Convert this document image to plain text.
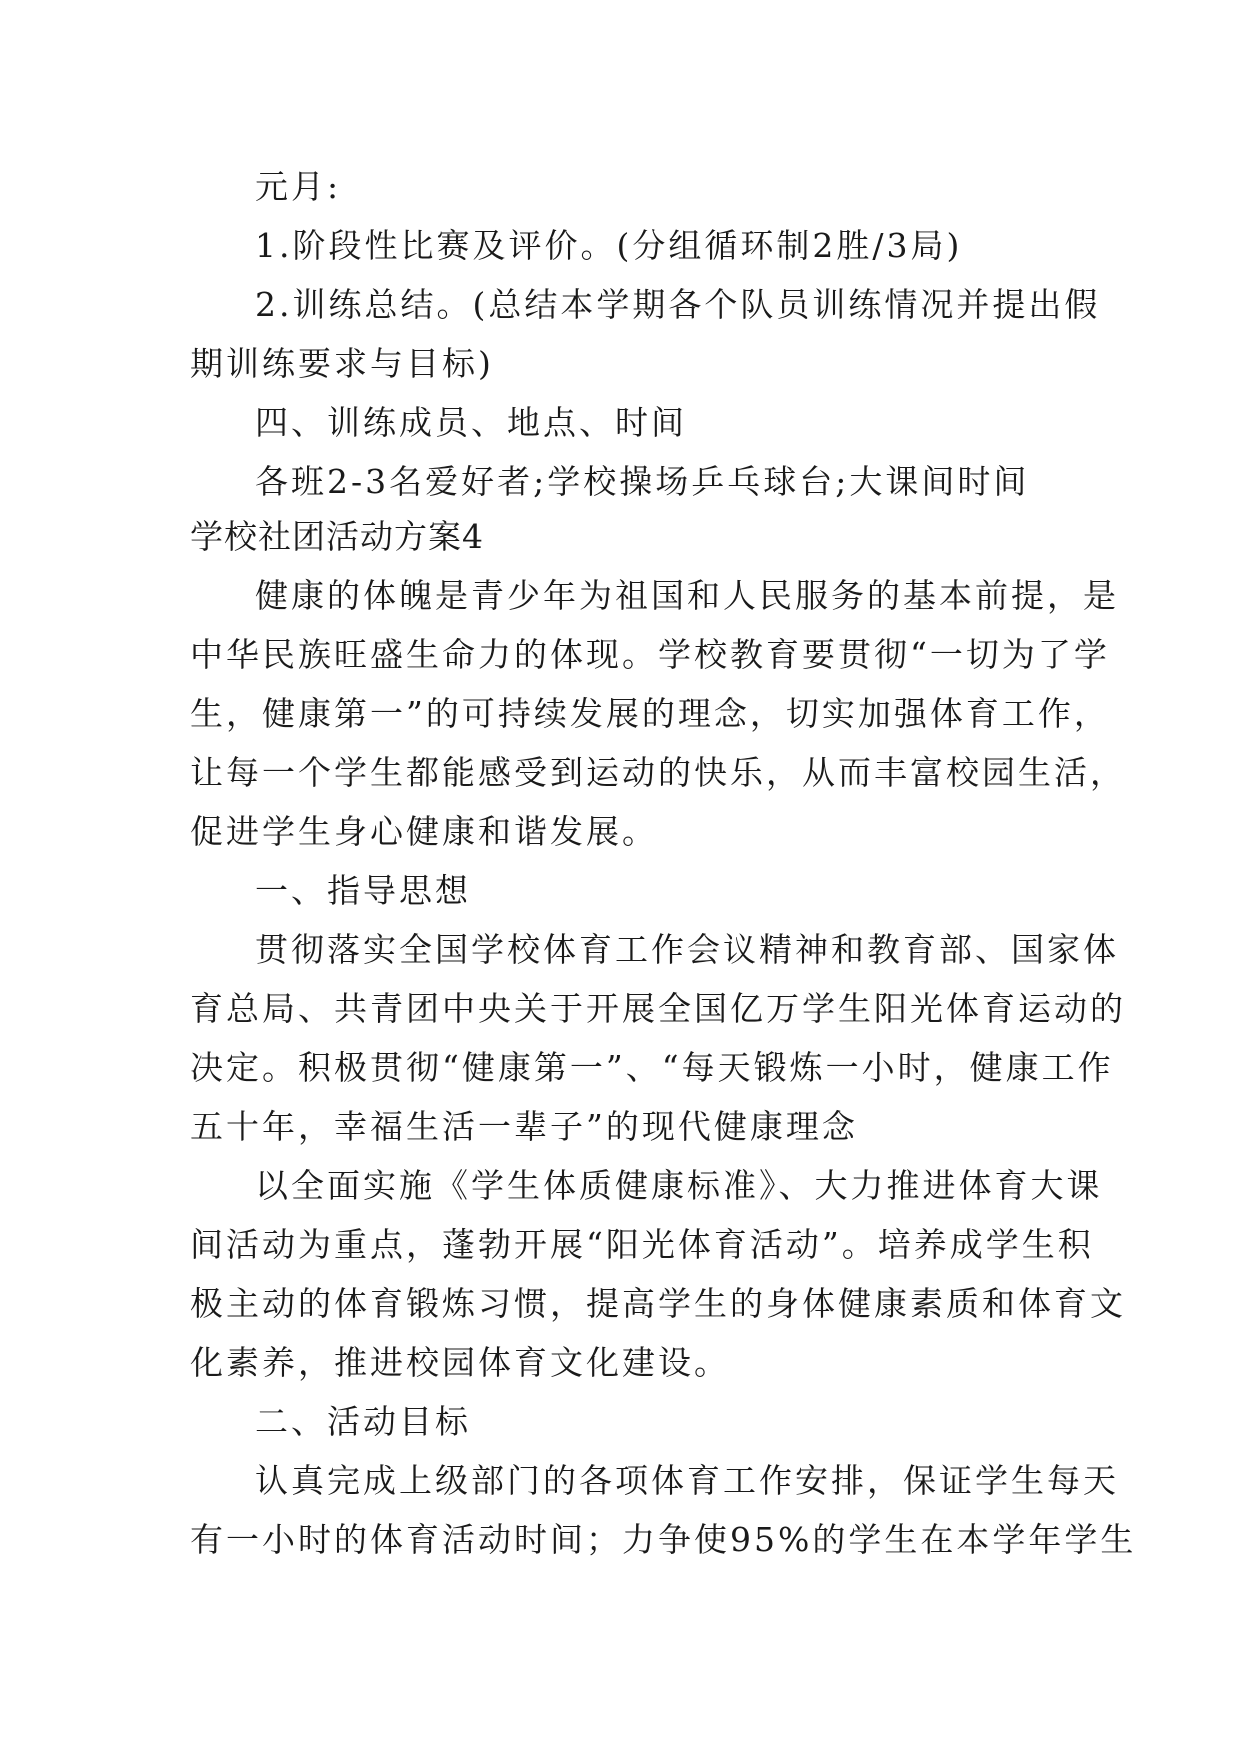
元月:
1.阶段性比赛及评价。(分组循环制2胜/3局)
2.训练总结。(总结本学期各个队员训练情况并提出假
期训练要求与目标)
四、训练成员、地点、时间
各班2-3名爱好者;学校操场乒乓球台;大课间时间
学校社团活动方案4
健康的体魄是青少年为祖国和人民服务的基本前提，是
中华民族旺盛生命力的体现。学校教育要贯彻“一切为了学
生，健康第一”的可持续发展的理念，切实加强体育工作，
让每一个学生都能感受到运动的快乐，从而丰富校园生活，
促进学生身心健康和谐发展。
一、指导思想
贯彻落实全国学校体育工作会议精神和教育部、国家体
育总局、共青团中央关于开展全国亿万学生阳光体育运动的
决定。积极贯彻“健康第一”、“每天锻炼一小时，健康工作
五十年，幸福生活一辈子”的现代健康理念
以全面实施《学生体质健康标准》、大力推进体育大课
间活动为重点，蓬勃开展“阳光体育活动”。培养成学生积
极主动的体育锻炼习惯，提高学生的身体健康素质和体育文
化素养，推进校园体育文化建设。
二、活动目标
认真完成上级部门的各项体育工作安排，保证学生每天
有一小时的体育活动时间；力争使95%的学生在本学年学生
